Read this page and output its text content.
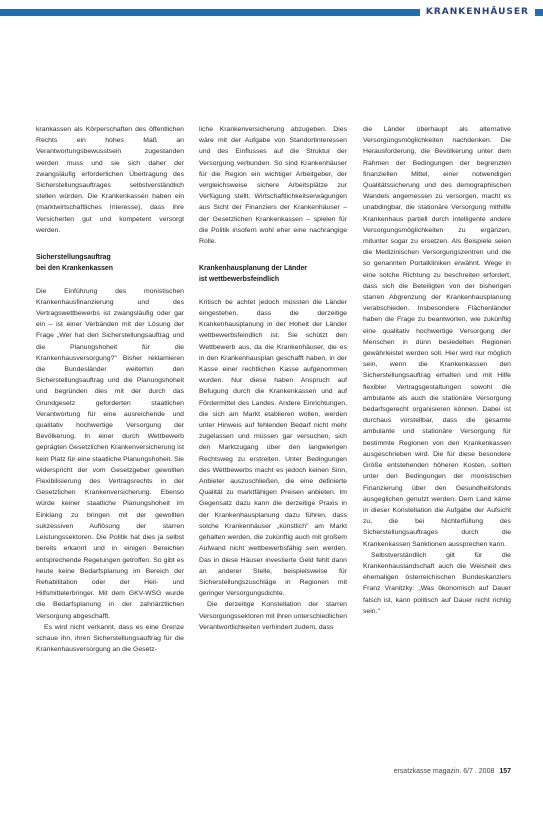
KRANKENHÄUSER

krankassen als Körperschaften des öffentlichen Rechts ein hohes Maß an Verantwortungsbewusstsein zugestanden werden muss und sie sich daher der zwangsläufig erforderlichen Übertragung des Sicherstellungsauftrages selbstverständlich stellen würden. Die Krankenkassen haben ein (marktwirtschaftliches Interesse), dass ihre Versicherten gut und kompetent versorgt werden.

Sicherstellungsauftrag
bei den Krankenkassen

Die Einführung des monistischen Krankenhausfinanzierung und des Vertragswettbewerbs ist zwangsläufig oder gar ein – ist einer Verbänden mit der Lösung der Frage „Wer hat den Sicherstellungsauftrag und die Planungshoheit für die Krankenhausversorgung?" Bisher reklamieren die Bundesländer weiterhin den Sicherstellungsauftrag und die Planungshoheit und begründen dies mit der durch das Grundgesetz geforderten staatlichen Verantwortung für eine ausreichende und qualitativ hochwertige Versorgung der Bevölkerung. In einer durch Wettbewerb geprägten Gesetzlichen Krankenversicherung ist kein Platz für eine staatliche Planungshoheit. Sie widerspricht der vom Gesetzgeber gewollten Flexibilisierung des Vertragsrechts in der Gesetzlichen Krankenversicherung. Ebenso würde keiner staatliche Planungshoheit im Einklang zu bringen mit der gewollten sukzessiven Auflösung der starren Leistungssektoren. Die Politik hat dies ja selbst bereits erkannt und in einigen Bereichen entsprechende Regelungen getroffen. So gibt es heute keine Bedarfsplanung im Bereich der Rehabilitation oder der Heil- und Hilfsmittelerbringer. Mit dem GKV-WSG wurde die Bedarfsplanung in der zahnärztlichen Versorgung abgeschafft.

Es wird nicht verkannt, dass es eine Grenze schaue ihn, ihren Sicherstellungsauftrag für die Krankenhausversorgung an die Gesetz-

liche Krankenversicherung abzugeben. Dies wäre mit der Aufgabe von Standortinteressen und des Einflusses auf die Struktur der Versorgung verbunden. So sind Krankenhäuser für die Region ein wichtiger Arbeitgeber, der vergleichsweise sichere Arbeitsplätze zur Verfügung stellt. Wirtschaftlichkeitserwägungen aus Sicht der Finanziers der Krankenhäuser – der Gesetzlichen Krankenkassen – spielen für die Politik insofern wohl eher eine nachrangige Rolle.

Krankenhausplanung der Länder
ist wettbewerbsfeindlich

Kritisch be achtet jedoch müssten die Länder eingestehen, dass die derzeitige Krankenhausplanung in der Hoheit der Länder wettbewerbsfeindlich ist. Sie schützt den Wettbewerb aus, da die Krankenhäuser, die es in den Krankenhausplan geschafft haben, in der Kasse einer rechtlichen Kasse aufgenommen wurden. Nur diese haben Anspruch auf Befugung durch die Krankenkassen und auf Fördermittel des Landes. Andere Einrichtungen, die sich am Markt etablieren wollen, werden unter Hinweis auf fehlenden Bedarf nicht mehr zugelassen und müssen gar versuchen, sich den Marktzugang über den langwierigen Rechtsweg zu erstreiten. Unter Bedingungen des Wettbewerbs macht es jedoch keinen Sinn, Anbieter auszuschließen, die eine definierte Qualität zu marktfähigen Preisen anbieten. Im Gegensatz dazu kann die derzeitige Praxis in der Krankenhausplanung dazu führen, dass solche Krankenhäuser „künstlich" am Markt gehalten werden, die zukünftig auch mit großem Aufwand nicht wettbewerbsfähig sein werden. Das in diese Häuser investierte Geld fehlt dann an anderer Stelle, beispielsweise für Sicherstellungszuschläge in Regionen mit geringer Versorgungsdichte.

Die derzeitige Konstellation der starren Versorgungssektoren mit ihren unterschiedlichen Verantwortlichkeiten verhindert zudem, dass

die Länder überhaupt als alternative Versorgungsmöglichkeiten nachdenken. Die Herausforderung, die Bevölkerung unter dem Rahmen der Bedingungen der begrenzten finanziellen Mittel, einer notwendigen Qualitätssicherung und des demographischen Wandels angemessen zu versorgen, macht es unabdingbar, die stationäre Versorgung mithilfe Krankenhaus partiell durch intelligente andere Versorgungsmöglichkeiten zu ergänzen, mitunter sogar zu ersetzen. Als Beispiele seien die Medizinischen Versorgungszentren und die so genannten Portalkliniken erwähnt. Wege in eine solche Richtung zu beschreiten erfordert, dass sich die Beteiligten von der bisherigen starren Abgrenzung der Krankenhausplanung verabschieden. Insbesondere Flächenländer haben die Frage zu beantworten, wie zukünftig eine qualitativ hochwertige Versorgung der Menschen in dünn besiedelten Regionen gewährleistet werden soll. Hier wird nur möglich sein, wenn die Krankenkassen den Sicherstellungsauftrag erhalten und mit Hilfe flexibler Vertragsgestaltungen sowohl die ambulante als auch die stationäre Versorgung bedarfsgerecht organisieren können. Dabei ist durchaus vorstellbar, dass die gesamte ambulante und stationäre Versorgung für bestimmte Regionen von den Krankenkassen ausgeschrieben wird. Die für diese besondere Größe entstehenden höheren Kosten, sollten unter den Bedingungen der monistischen Finanzierung über den Gesundheitsfonds ausgeglichen genutzt werden. Dem Land käme in dieser Konstellation die Aufgabe der Aufsicht zu, die bei Nichterfüllung des Sicherstellungsauftrages durch die Krankenkassen Sanktionen aussprechen kann.

Selbstverständlich gilt für die Krankenhauslandschaft auch die Weisheit des ehemaligen österreichischen Bundeskanzlers Franz Vranitzky: „Was ökonomisch auf Dauer falsch ist, kann politisch auf Dauer nicht richtig sein."

ersatzkasse magazin. 6/7 . 2008 157
